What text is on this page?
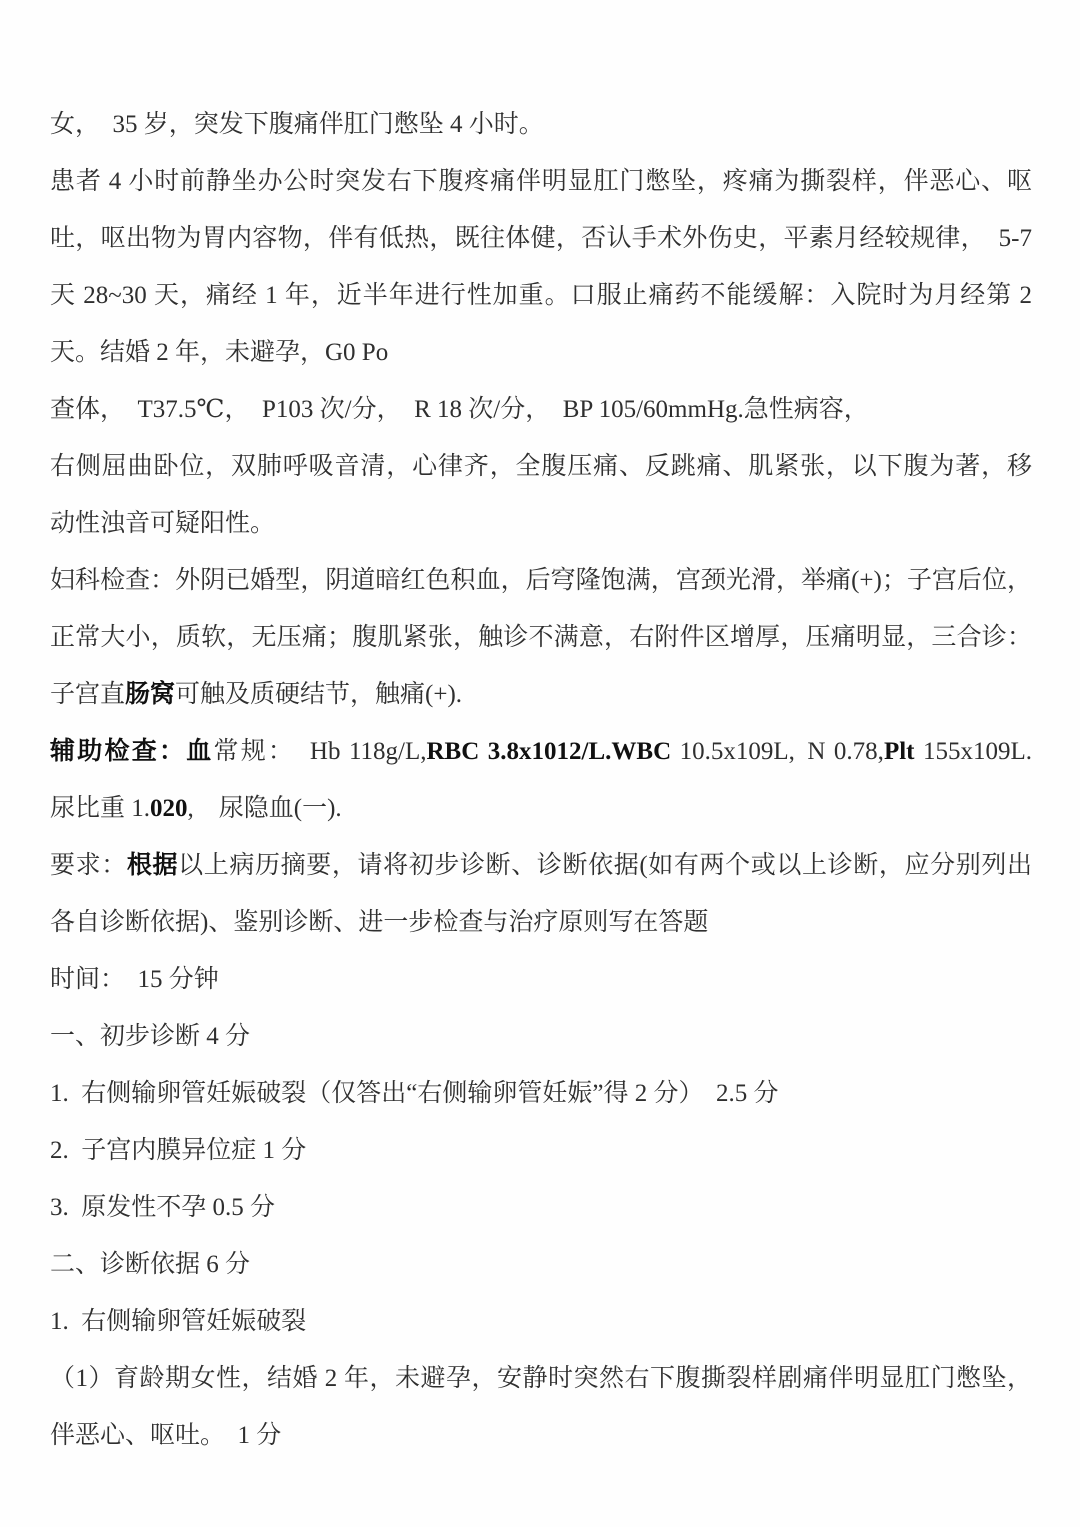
女，　35 岁，突发下腹痛伴肛门憋坠 4 小时。
患者 4 小时前静坐办公时突发右下腹疼痛伴明显肛门憋坠，疼痛为撕裂样，伴恶心、呕
吐，呕出物为胃内容物，伴有低热，既往体健，否认手术外伤史，平素月经较规律，　5-7
天 28~30 天，痛经 1 年，近半年进行性加重。口服止痛药不能缓解：入院时为月经第 2
天。结婚 2 年，未避孕，G0 Po
查体，　T37.5℃，　P103 次/分，　R 18 次/分，　BP 105/60mmHg.急性病容，
右侧屈曲卧位，双肺呼吸音清，心律齐，全腹压痛、反跳痛、肌紧张，以下腹为著，移
动性浊音可疑阳性。
妇科检查：外阴已婚型，阴道暗红色积血，后穹隆饱满，宫颈光滑，举痛(+)；子宫后位，
正常大小，质软，无压痛；腹肌紧张，触诊不满意，右附件区增厚，压痛明显，三合诊：
子宫直肠窝可触及质硬结节，触痛(+).
辅助检查：血常规：　Hb 118g/L,RBC 3.8x1012/L.WBC 10.5x109L, N 0.78,Plt 155x109L.
尿比重 1.020,　尿隐血(一).
要求：根据以上病历摘要，请将初步诊断、诊断依据(如有两个或以上诊断，应分别列出
各自诊断依据)、鉴别诊断、进一步检查与治疗原则写在答题
时间：　15 分钟
一、初步诊断 4 分
1. 右侧输卵管妊娠破裂（仅答出“右侧输卵管妊娠”得 2 分） 2.5 分
2. 子宫内膜异位症 1 分
3. 原发性不孕 0.5 分
二、诊断依据 6 分
1. 右侧输卵管妊娠破裂
（1）育龄期女性，结婚 2 年，未避孕，安静时突然右下腹撕裂样剧痛伴明显肛门憋坠，
伴恶心、呕吐。　1 分
